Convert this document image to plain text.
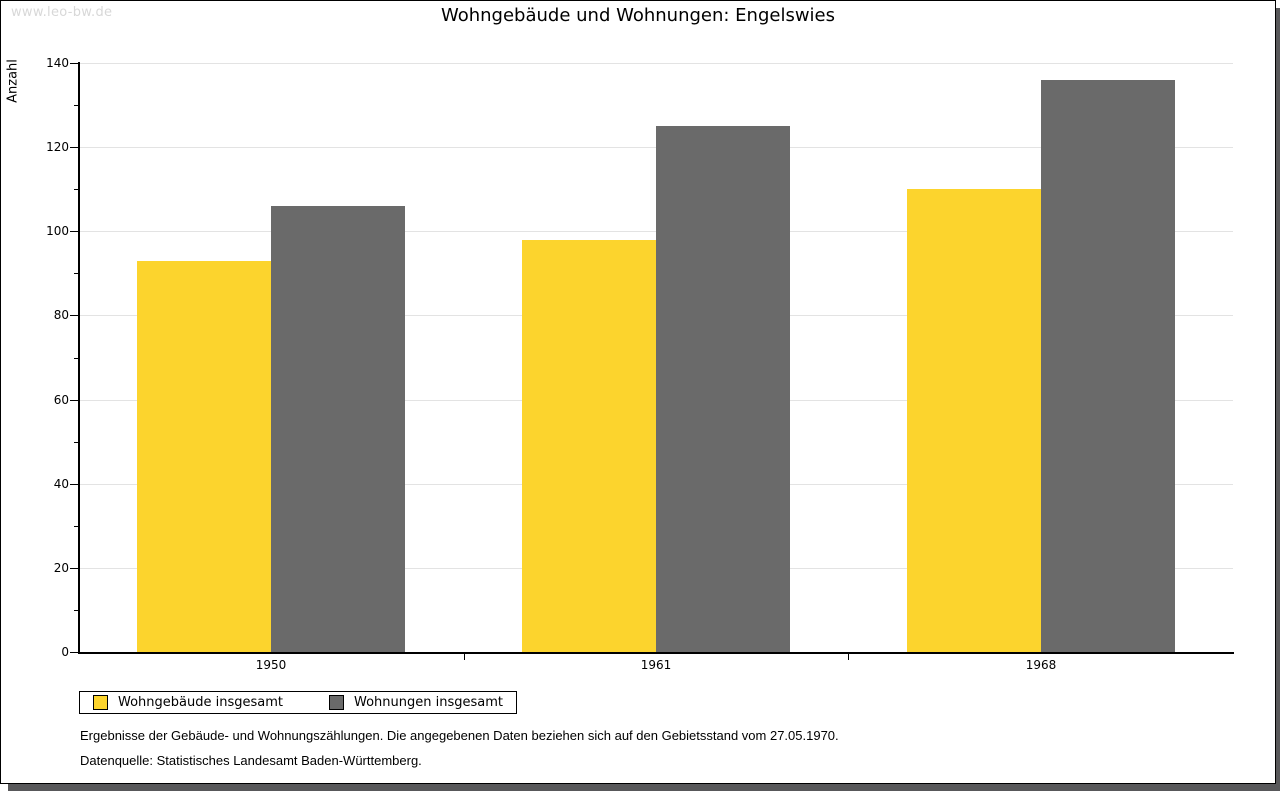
www.leo-bw.de	Wohngebäude und Wohnungen: Engelswies
Anzahl
0
20
40
60
80
100
120
140
1950	1961	1968
Wohngebäude insgesamt	Wohnungen insgesamt
Ergebnisse der Gebäude- und Wohnungszählungen. Die angegebenen Daten beziehen sich auf den Gebietsstand vom 27.05.1970.
Datenquelle: Statistisches Landesamt Baden-Württemberg.
